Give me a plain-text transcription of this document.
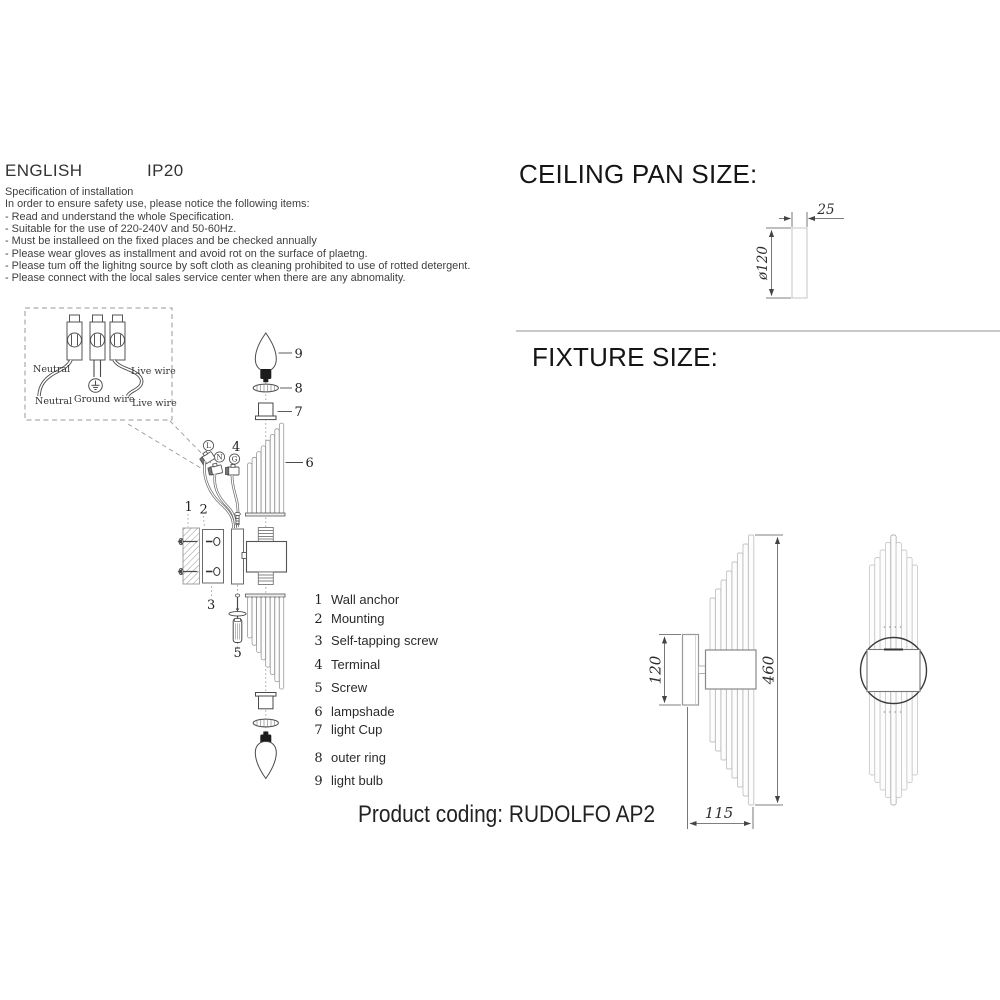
ENGLISH	IP20
Specification of installation
In order to ensure safety use, please notice the following items:
- Read and understand the whole Specification.
- Suitable for the use of 220-240V and 50-60Hz.
- Must be installeed on the fixed places and be checked annually
- Please wear gloves as installment and avoid rot on the surface of plaetng.
- Please tum off the lighitng source by soft cloth as cleaning prohibited to use of rotted detergent.
- Please connect with the local sales service center when there are any abnomality.
Neutral
Neutral Ground wire
Live wire
Live wire
L
N G
4
9
8
7
6
1 2
3
5
1 Wall anchor
2 Mounting
3 Self-tapping screw
4 Terminal
5 Screw
6 lampshade
7 light Cup
8 outer ring
9 light bulb
CEILING PAN SIZE:
ø120
25
FIXTURE SIZE:
120	460
115
Product coding: RUDOLFO AP2
